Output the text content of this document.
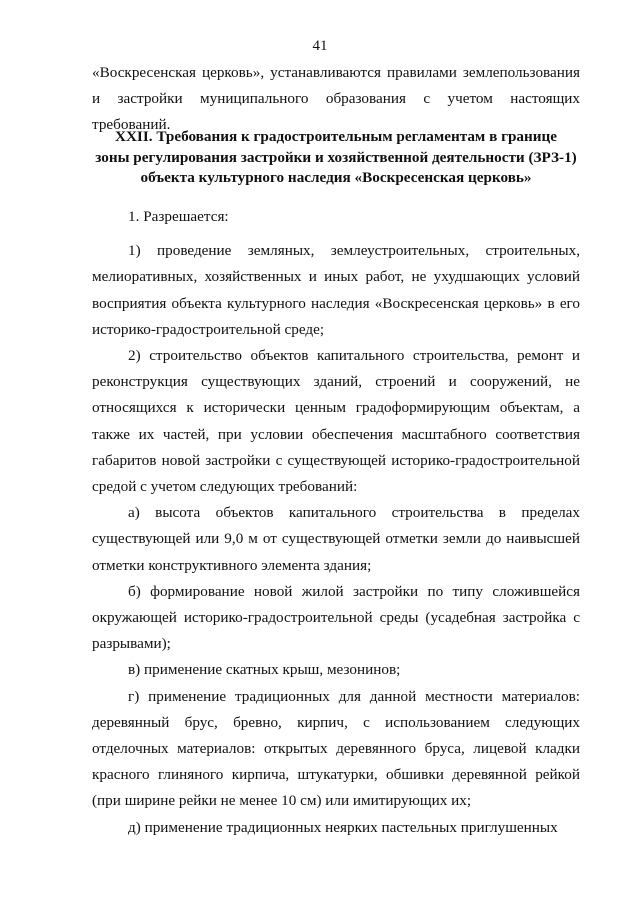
41

«Воскресенская церковь», устанавливаются правилами землепользования и застройки муниципального образования с учетом настоящих требований.

XXII. Требования к градостроительным регламентам в границе
зоны регулирования застройки и хозяйственной деятельности (ЗРЗ-1)
объекта культурного наследия «Воскресенская церковь»

1. Разрешается:

1) проведение земляных, землеустроительных, строительных, мелиоративных, хозяйственных и иных работ, не ухудшающих условий восприятия объекта культурного наследия «Воскресенская церковь» в его историко-градостроительной среде;

2) строительство объектов капитального строительства, ремонт и реконструкция существующих зданий, строений и сооружений, не относящихся к исторически ценным градоформирующим объектам, а также их частей, при условии обеспечения масштабного соответствия габаритов новой застройки с существующей историко-градостроительной средой с учетом следующих требований:

а) высота объектов капитального строительства в пределах существующей или 9,0 м от существующей отметки земли до наивысшей отметки конструктивного элемента здания;

б) формирование новой жилой застройки по типу сложившейся окружающей историко-градостроительной среды (усадебная застройка с разрывами);

в) применение скатных крыш, мезонинов;

г) применение традиционных для данной местности материалов: деревянный брус, бревно, кирпич, с использованием следующих отделочных материалов: открытых деревянного бруса, лицевой кладки красного глиняного кирпича, штукатурки, обшивки деревянной рейкой (при ширине рейки не менее 10 см) или имитирующих их;

д) применение традиционных неярких пастельных приглушенных
